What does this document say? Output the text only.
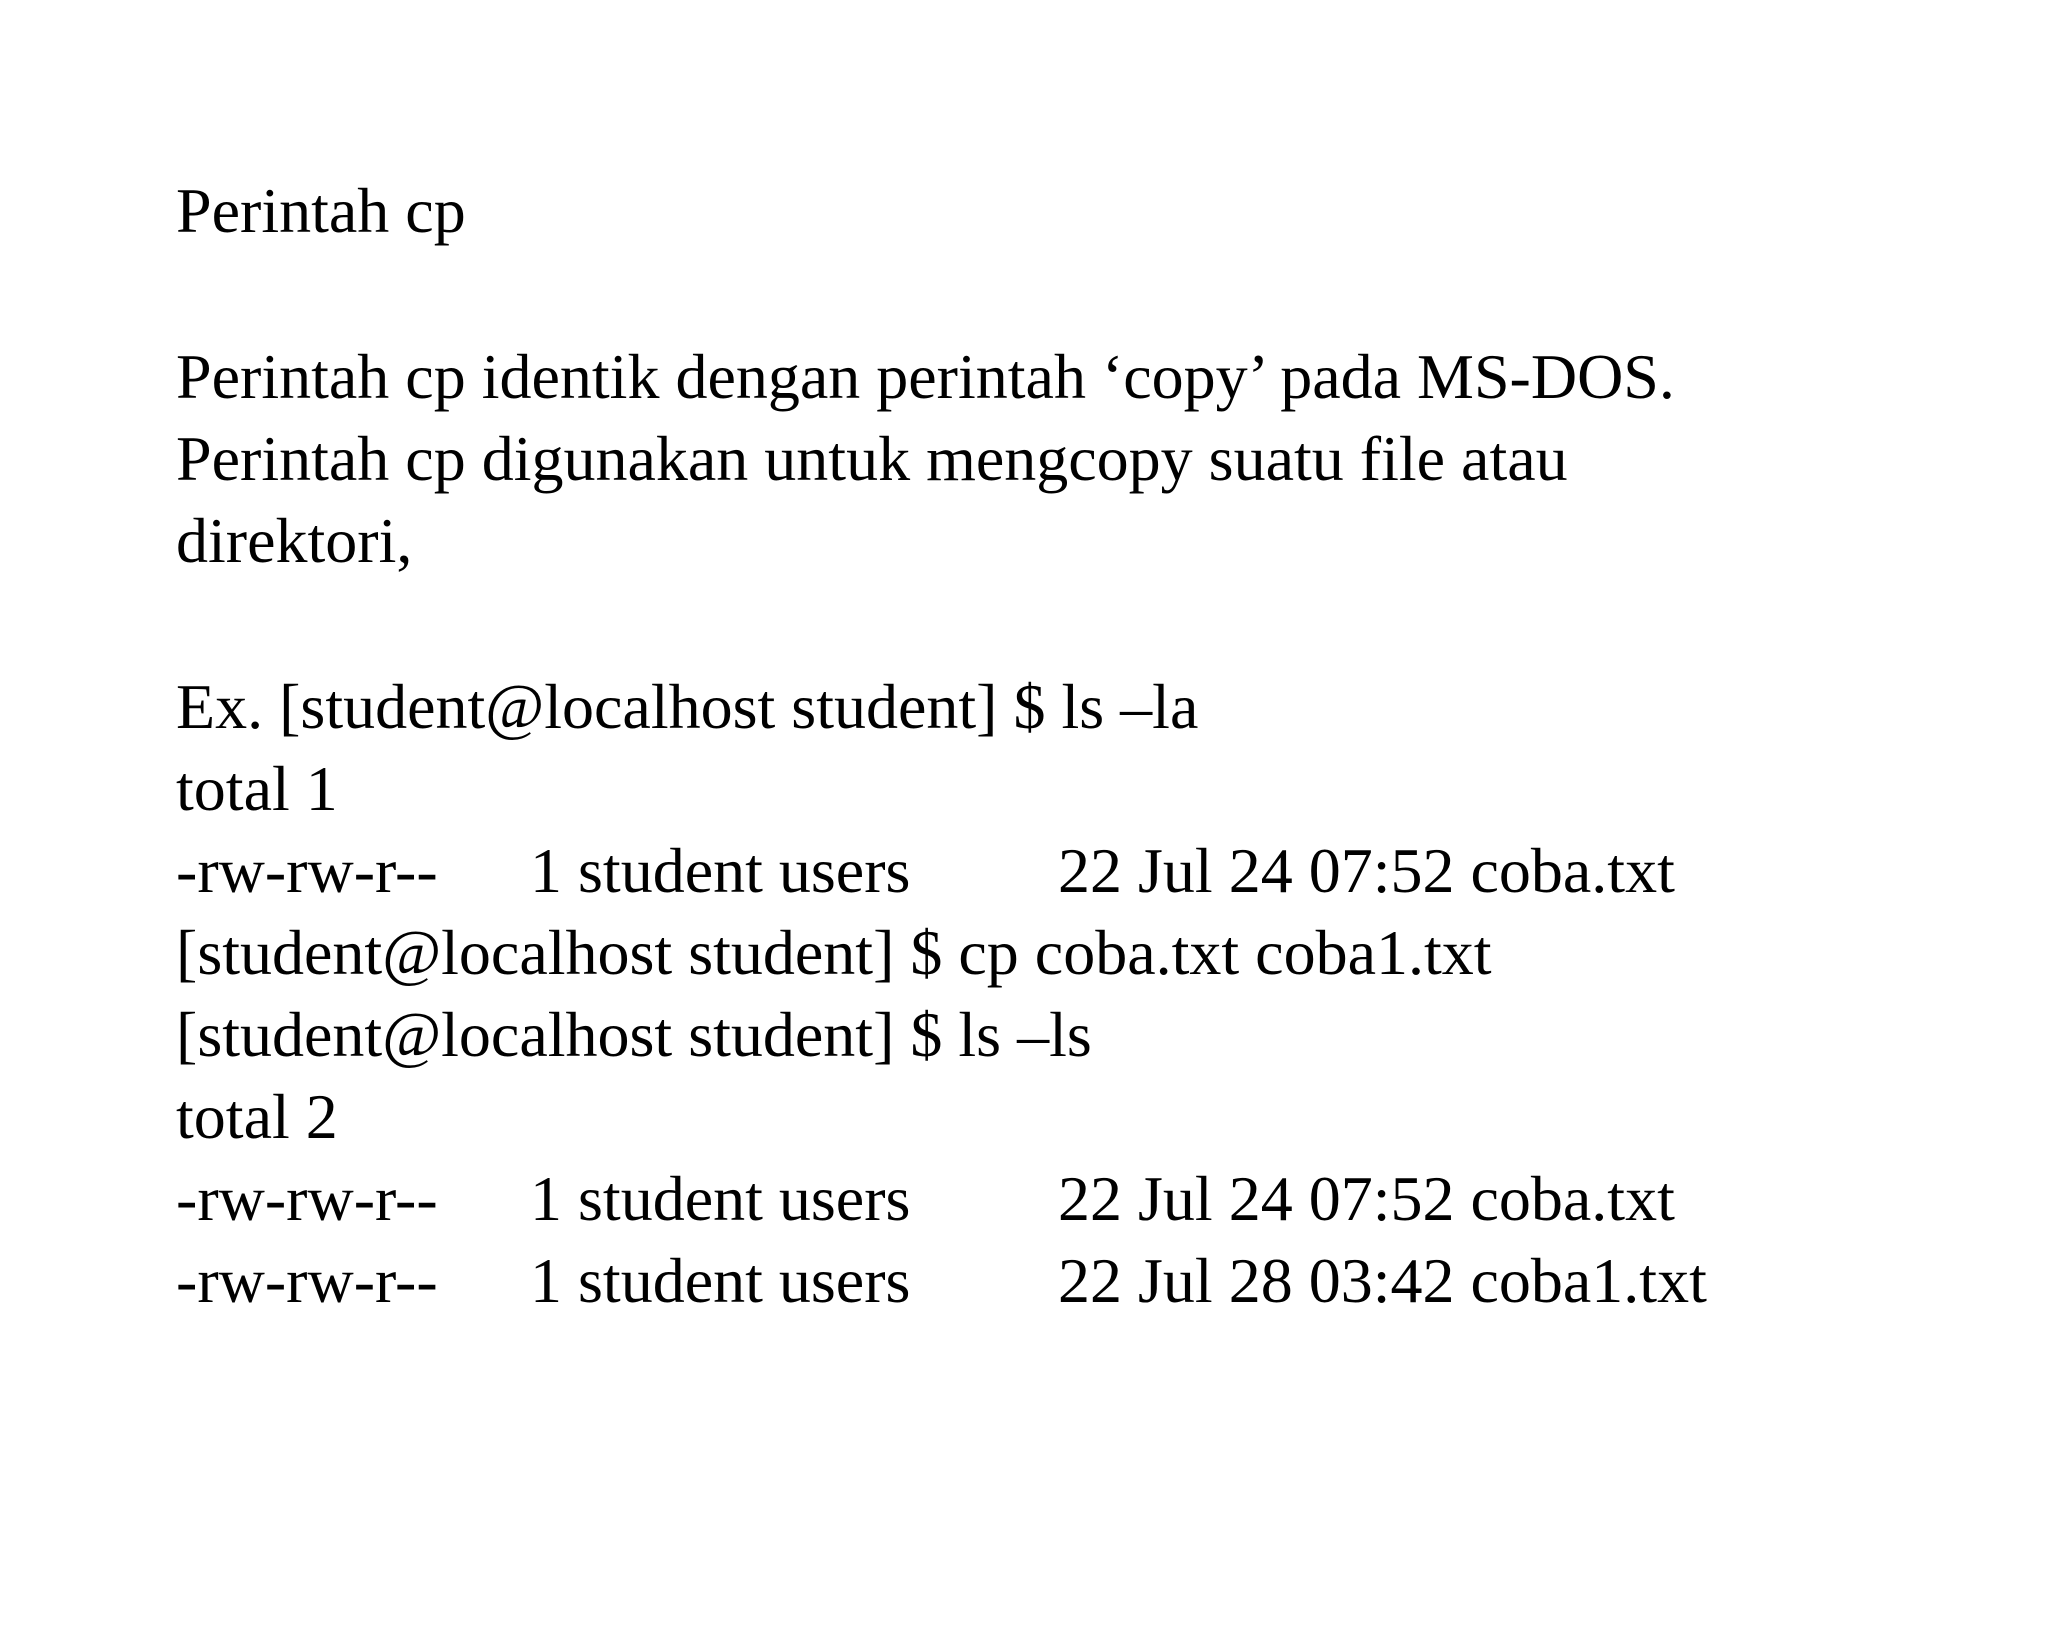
Perintah cp
Perintah cp identik dengan perintah ‘copy’ pada MS-DOS.
Perintah cp digunakan untuk mengcopy suatu file atau
direktori,
Ex. [student@localhost student] $ ls –la
total 1

-rw-rw-r--

1 student users

22 Jul 24 07:52 coba.txt

[student@localhost student] $ cp coba.txt coba1.txt
[student@localhost student] $ ls –ls
total 2

-rw-rw-r--

1 student users

22 Jul 24 07:52 coba.txt

-rw-rw-r--

1 student users

22 Jul 28 03:42 coba1.txt
